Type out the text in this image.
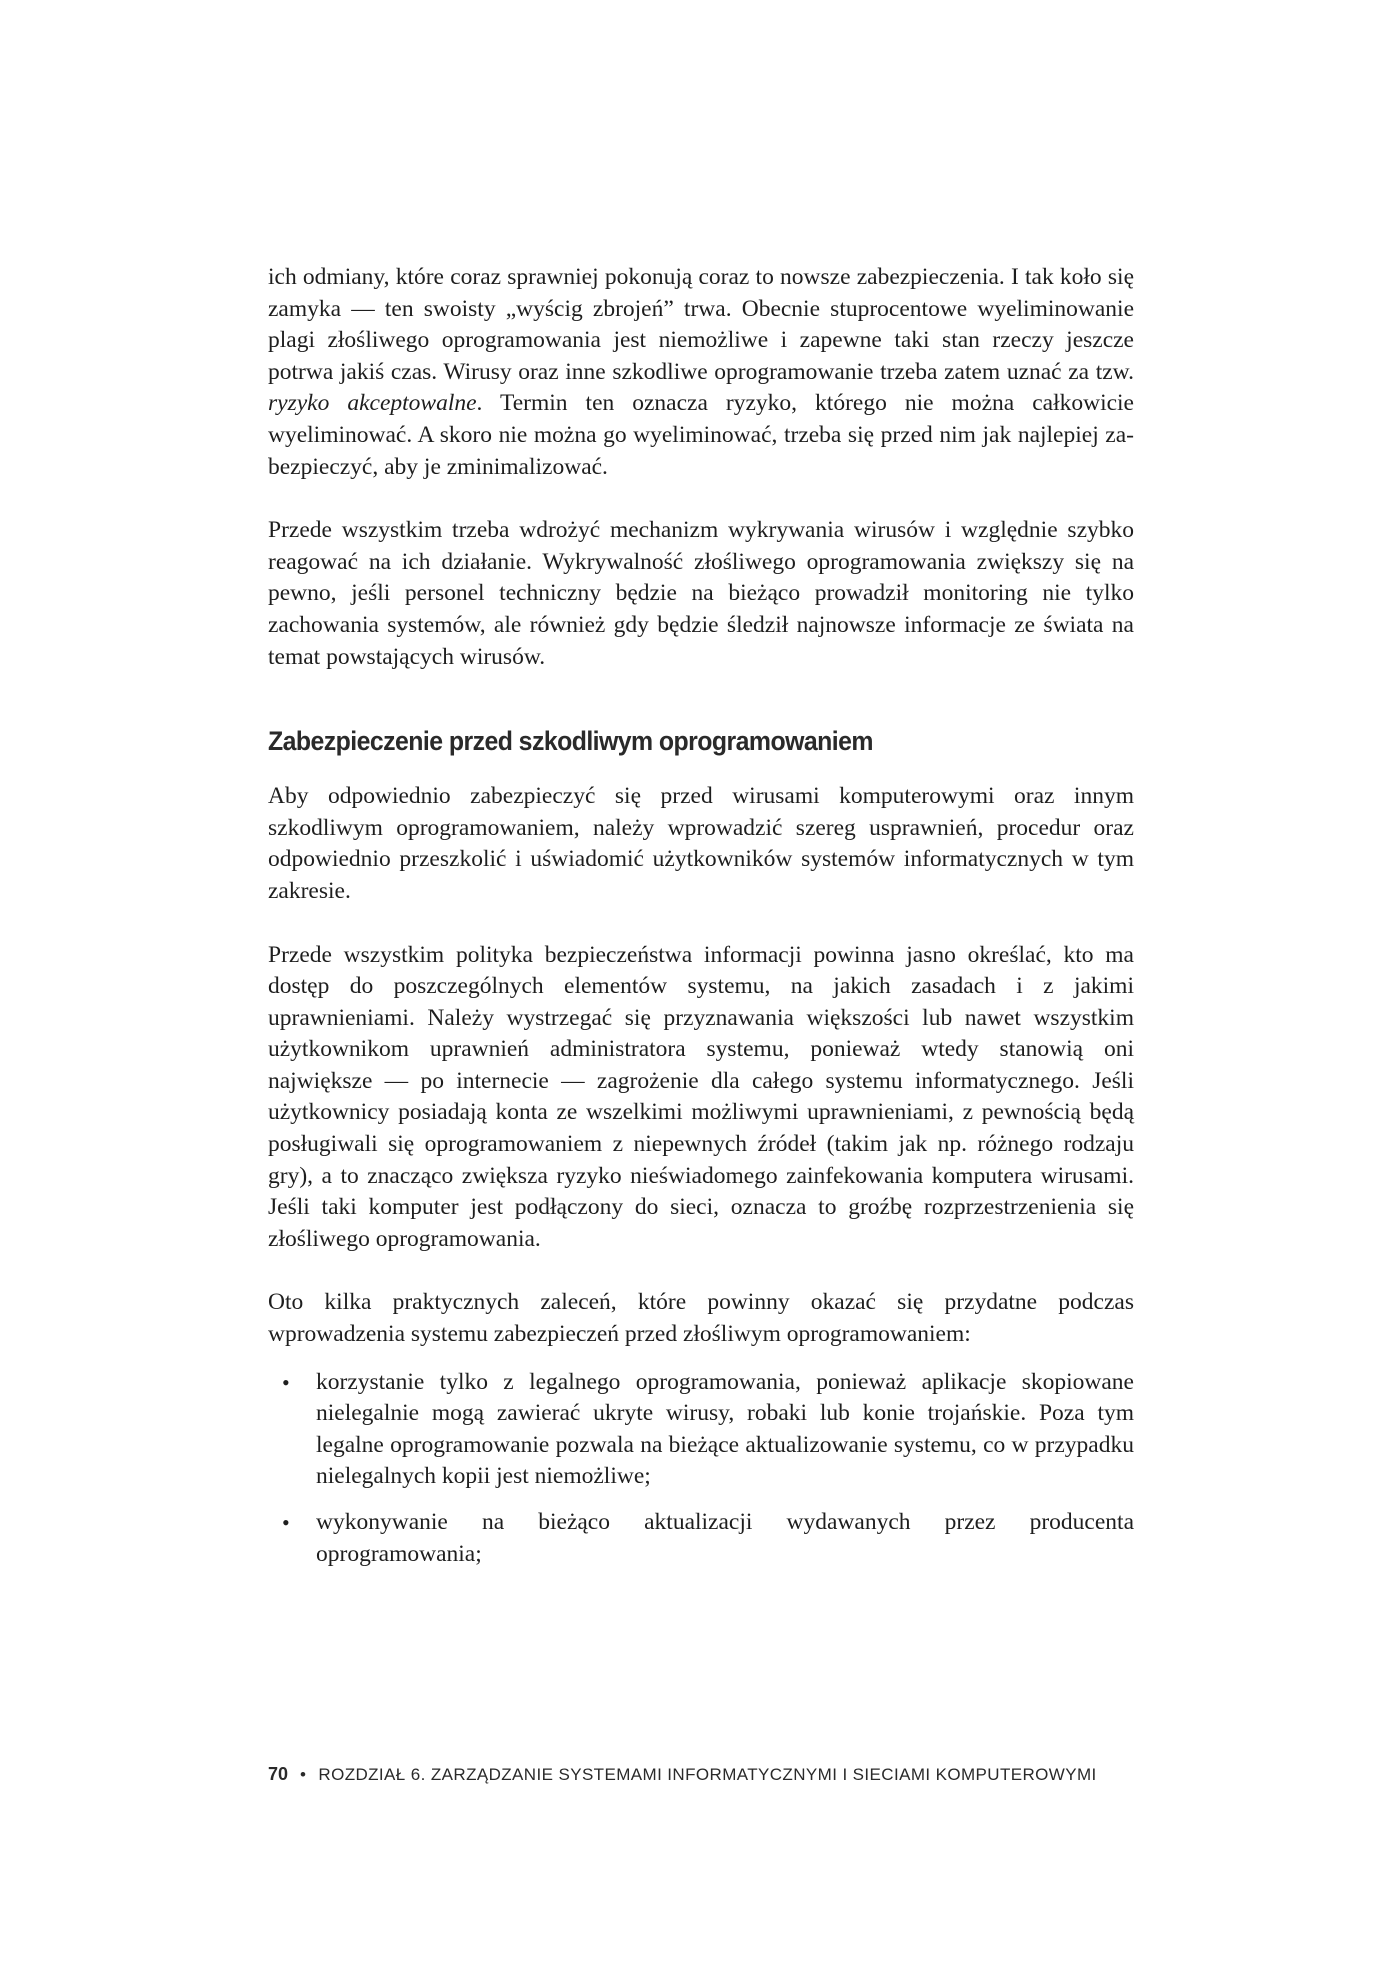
ich odmiany, które coraz sprawniej pokonują coraz to nowsze zabezpieczenia. I tak koło się zamyka — ten swoisty „wyścig zbrojeń” trwa. Obecnie stuprocentowe wyeliminowanie plagi złośliwego oprogramowania jest niemożliwe i zapewne taki stan rzeczy jeszcze potrwa jakiś czas. Wirusy oraz inne szkodliwe oprogramowanie trzeba zatem uznać za tzw. ryzyko akceptowalne. Termin ten oznacza ryzyko, którego nie można całkowicie wyeliminować. A skoro nie można go wyeliminować, trzeba się przed nim jak najlepiej zabezpieczyć, aby je zminimalizować.

Przede wszystkim trzeba wdrożyć mechanizm wykrywania wirusów i względnie szybko reagować na ich działanie. Wykrywalność złośliwego oprogramowania zwiększy się na pewno, jeśli personel techniczny będzie na bieżąco prowadził monitoring nie tylko zachowania systemów, ale również gdy będzie śledził najnowsze informacje ze świata na temat powstających wirusów.

Zabezpieczenie przed szkodliwym oprogramowaniem

Aby odpowiednio zabezpieczyć się przed wirusami komputerowymi oraz innym szkodliwym oprogramowaniem, należy wprowadzić szereg usprawnień, procedur oraz odpowiednio przeszkolić i uświadomić użytkowników systemów informatycznych w tym zakresie.

Przede wszystkim polityka bezpieczeństwa informacji powinna jasno określać, kto ma dostęp do poszczególnych elementów systemu, na jakich zasadach i z jakimi uprawnieniami. Należy wystrzegać się przyznawania większości lub nawet wszystkim użytkownikom uprawnień administratora systemu, ponieważ wtedy stanowią oni największe — po internecie — zagrożenie dla całego systemu informatycznego. Jeśli użytkownicy posiadają konta ze wszelkimi możliwymi uprawnieniami, z pewnością będą posługiwali się oprogramowaniem z niepewnych źródeł (takim jak np. różnego rodzaju gry), a to znacząco zwiększa ryzyko nieświadomego zainfekowania komputera wirusami. Jeśli taki komputer jest podłączony do sieci, oznacza to groźbę rozprzestrzenienia się złośliwego oprogramowania.

Oto kilka praktycznych zaleceń, które powinny okazać się przydatne podczas wprowadzenia systemu zabezpieczeń przed złośliwym oprogramowaniem:

• korzystanie tylko z legalnego oprogramowania, ponieważ aplikacje skopiowane nielegalnie mogą zawierać ukryte wirusy, robaki lub konie trojańskie. Poza tym legalne oprogramowanie pozwala na bieżące aktualizowanie systemu, co w przypadku nielegalnych kopii jest niemożliwe;
• wykonywanie na bieżąco aktualizacji wydawanych przez producenta oprogramowania;
70 • ROZDZIAŁ 6. ZARZĄDZANIE SYSTEMAMI INFORMATYCZNYMI I SIECIAMI KOMPUTEROWYMI
